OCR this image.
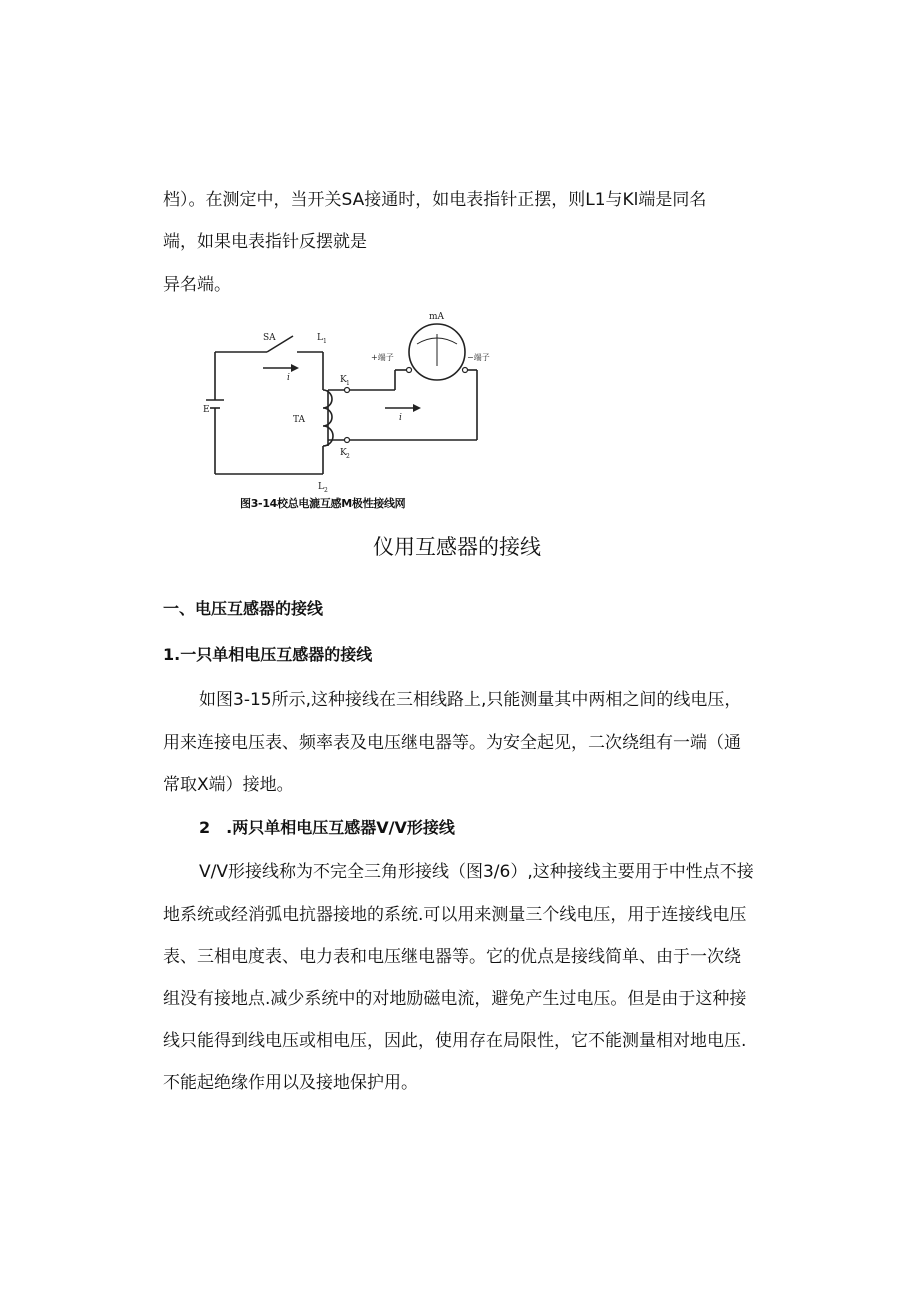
档）。在测定中，当开关SA接通时，如电表指针正摆，则L1与Kl端是同名
端，如果电表指针反摆就是
异名端。
SA	L 1
L 2
K 1
K 2
E
TA
i
i
mA
+端子	−端子
图3-14校总电漉互感M极性接线网
仪用互感器的接线
一、电压互感器的接线
1.一只单相电压互感器的接线
如图3-15所示,这种接线在三相线路上,只能测量其中两相之间的线电压，
用来连接电压表、频率表及电压继电器等。为安全起见，二次绕组有一端（通
常取X端）接地。
2　.两只单相电压互感器V/V形接线
V/V形接线称为不完全三角形接线（图3/6）,这种接线主要用于中性点不接
地系统或经消弧电抗器接地的系统.可以用来测量三个线电压，用于连接线电压
表、三相电度表、电力表和电压继电器等。它的优点是接线简单、由于一次绕
组没有接地点.减少系统中的对地励磁电流，避免产生过电压。但是由于这种接
线只能得到线电压或相电压，因此，使用存在局限性，它不能测量相对地电压.
不能起绝缘作用以及接地保护用。
